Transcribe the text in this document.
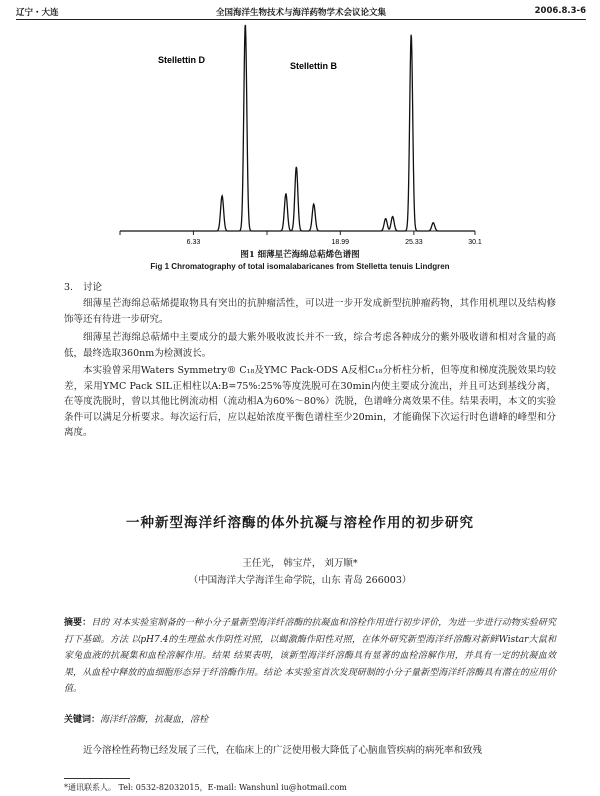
辽宁・大连	全国海洋生物技术与海洋药物学术会议论文集	2006.8.3-6
6.33	18.99	25.33	30.1
Stellettin D
Stellettin B
图1 细薄星芒海绵总萜烯色谱图
Fig 1 Chromatography of total isomalabaricanes from Stelletta tenuis Lindgren
3. 讨论

细薄星芒海绵总萜烯提取物具有突出的抗肿瘤活性，可以进一步开发成新型抗肿瘤药物，其作用机理以及结构修饰等还有待进一步研究。

细薄星芒海绵总萜烯中主要成分的最大紫外吸收波长并不一致，综合考虑各种成分的紫外吸收谱和相对含量的高低，最终选取360nm为检测波长。

本实验曾采用Waters Symmetry® C₁₈及YMC Pack-ODS A反相C₁₈分析柱分析，但等度和梯度洗脱效果均较差，采用YMC Pack SIL正相柱以A:B=75%:25%等度洗脱可在30min内使主要成分流出，并且可达到基线分离，在等度洗脱时，曾以其他比例流动相（流动相A为60%～80%）洗脱，色谱峰分离效果不佳。结果表明，本文的实验条件可以满足分析要求。每次运行后，应以起始浓度平衡色谱柱至少20min，才能确保下次运行时色谱峰的峰型和分离度。

一种新型海洋纤溶酶的体外抗凝与溶栓作用的初步研究
王任光， 韩宝芹， 刘万顺*
（中国海洋大学海洋生命学院，山东 青岛 266003）

摘要：目的 对本实验室制备的一种小分子量新型海洋纤溶酶的抗凝血和溶栓作用进行初步评价，为进一步进行动物实验研究打下基础。方法 以pH7.4的生理盐水作阴性对照，以蝎激酶作阳性对照，在体外研究新型海洋纤溶酶对新鲜Wistar大鼠和家兔血液的抗凝集和血栓溶解作用。结果 结果表明，该新型海洋纤溶酶具有显著的血栓溶解作用，并具有一定的抗凝血效果，从血栓中释放的血细胞形态异于纤溶酶作用。结论 本实验室首次发现研制的小分子量新型海洋纤溶酶具有潜在的应用价值。

关键词：海洋纤溶酶，抗凝血，溶栓

近今溶栓性药物已经发展了三代，在临床上的广泛使用极大降低了心脑血管疾病的病死率和致残

*通讯联系人。 Tel: 0532-82032015，E-mail: Wanshunl iu@hotmail.com
